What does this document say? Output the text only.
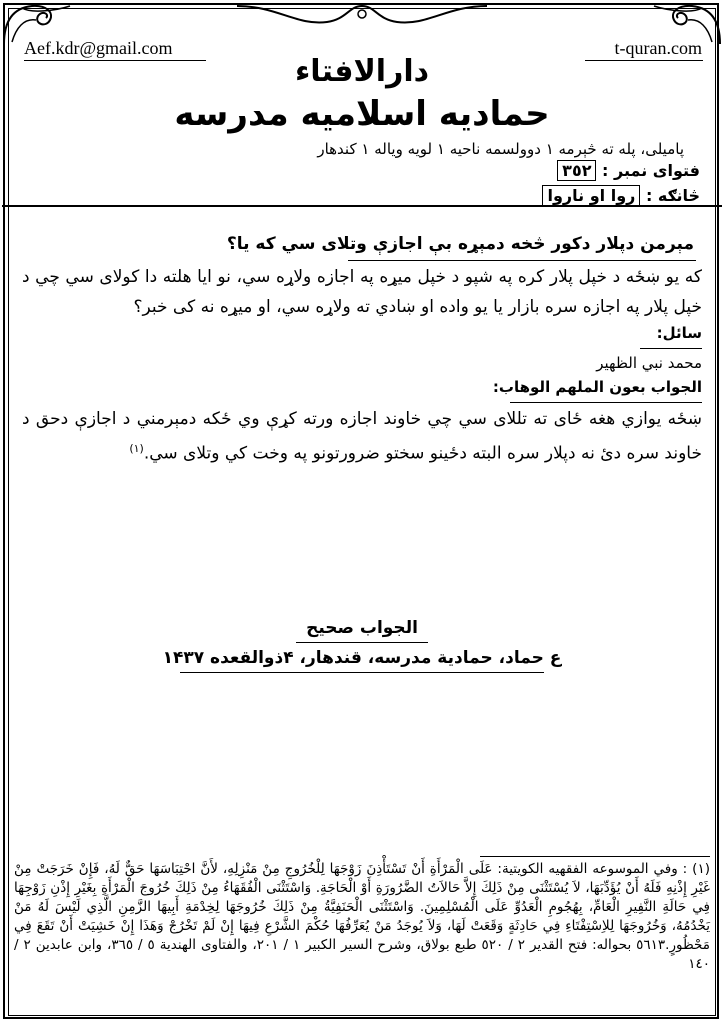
Aef.kdr@gmail.com	t-quran.com
دارالافتاء
حمادیه اسلامیه مدرسه
پامیلی، پله ته څېرمه ١ دوولسمه ناحیه ١ لویه ویاله ١ کندهار
فتوای نمبر : ٣٥٢
څانګه : روا او ناروا
مېرمن دپلار دکور څخه دمېړه بې اجازې وتلای سي که یا؟
که یو ښځه د خپل پلار کره په شپو د خپل میړه په اجازه ولاړه سي، نو ایا هلته دا کولای سي چي د خپل پلار په اجازه سره بازار یا یو واده او ښادي ته ولاړه سي، او میړه نه کی خبر؟
سائل:
محمد نبي الظهیر
الجواب بعون الملهم الوهاب:
ښځه یوازي هغه ځای ته تللای سي چي خاوند اجازه ورته کړې وي ځکه دمېرمني د اجازې دحق د خاوند سره دئ نه دپلار سره البته دځینو سختو ضرورتونو په وخت کي وتلای سي.$^{(١)}$
الجواب صحیح
ع حماد، حمادیة مدرسه، قندهار، ۴ذوالقعده ۱۴۳۷
(١) : وفي الموسوعه الفقهیه الکویتیة: عَلَى الْمَرْأَةِ أَنْ تَسْتَأْذِنَ زَوْجَهَا لِلْخُرُوجِ مِنْ مَنْزِلِهِ، لأَنَّ احْتِبَاسَهَا حَقٌّ لَهُ، فَإِنْ خَرَجَتْ مِنْ غَيْرِ إِذْنِهِ فَلَهُ أَنْ يُؤَدِّبَهَا، لاَ يُسْتَثْنَى مِنْ ذَلِكَ إِلاَّ حَالاَتُ الضَّرُورَةِ أَوْ الْحَاجَةِ. وَاسْتَثْنَى الْفُقَهَاءُ مِنْ ذَلِكَ خُرُوجَ الْمَرْأَةِ بِغَيْرِ إِذْنِ زَوْجِهَا فِي حَالَةِ النَّفِيرِ الْعَامِّ، بِهُجُومِ الْعَدُوِّ عَلَى الْمُسْلِمِينَ. وَاسْتَثْنَى الْحَنَفِيَّةُ مِنْ ذَلِكَ خُرُوجَهَا لِخِدْمَةِ أَبِيهَا الزَّمِنِ الَّذِي لَيْسَ لَهُ مَنْ يَخْدُمُهُ، وَخُرُوجَهَا لِلاِسْتِفْتَاءِ فِي حَادِثَةٍ وَقَعَتْ لَهَا، وَلاَ يُوجَدُ مَنْ يُعَرِّفُهَا حُكْمَ الشَّرْعِ فِيهَا إِنْ لَمْ تَخْرُجْ وَهَذَا إِنْ خَشِيَتْ أَنْ تَقَعَ فِي مَحْظُورٍ.٥٦١٣ بحواله: فتح القدیر ٢ / ٥٢٠ طبع بولاق، وشرح السیر الکبیر ١ / ٢٠١، والفتاوى الهندية ٥ / ٣٦٥، وابن عابدين ٢ / ١٤٠
